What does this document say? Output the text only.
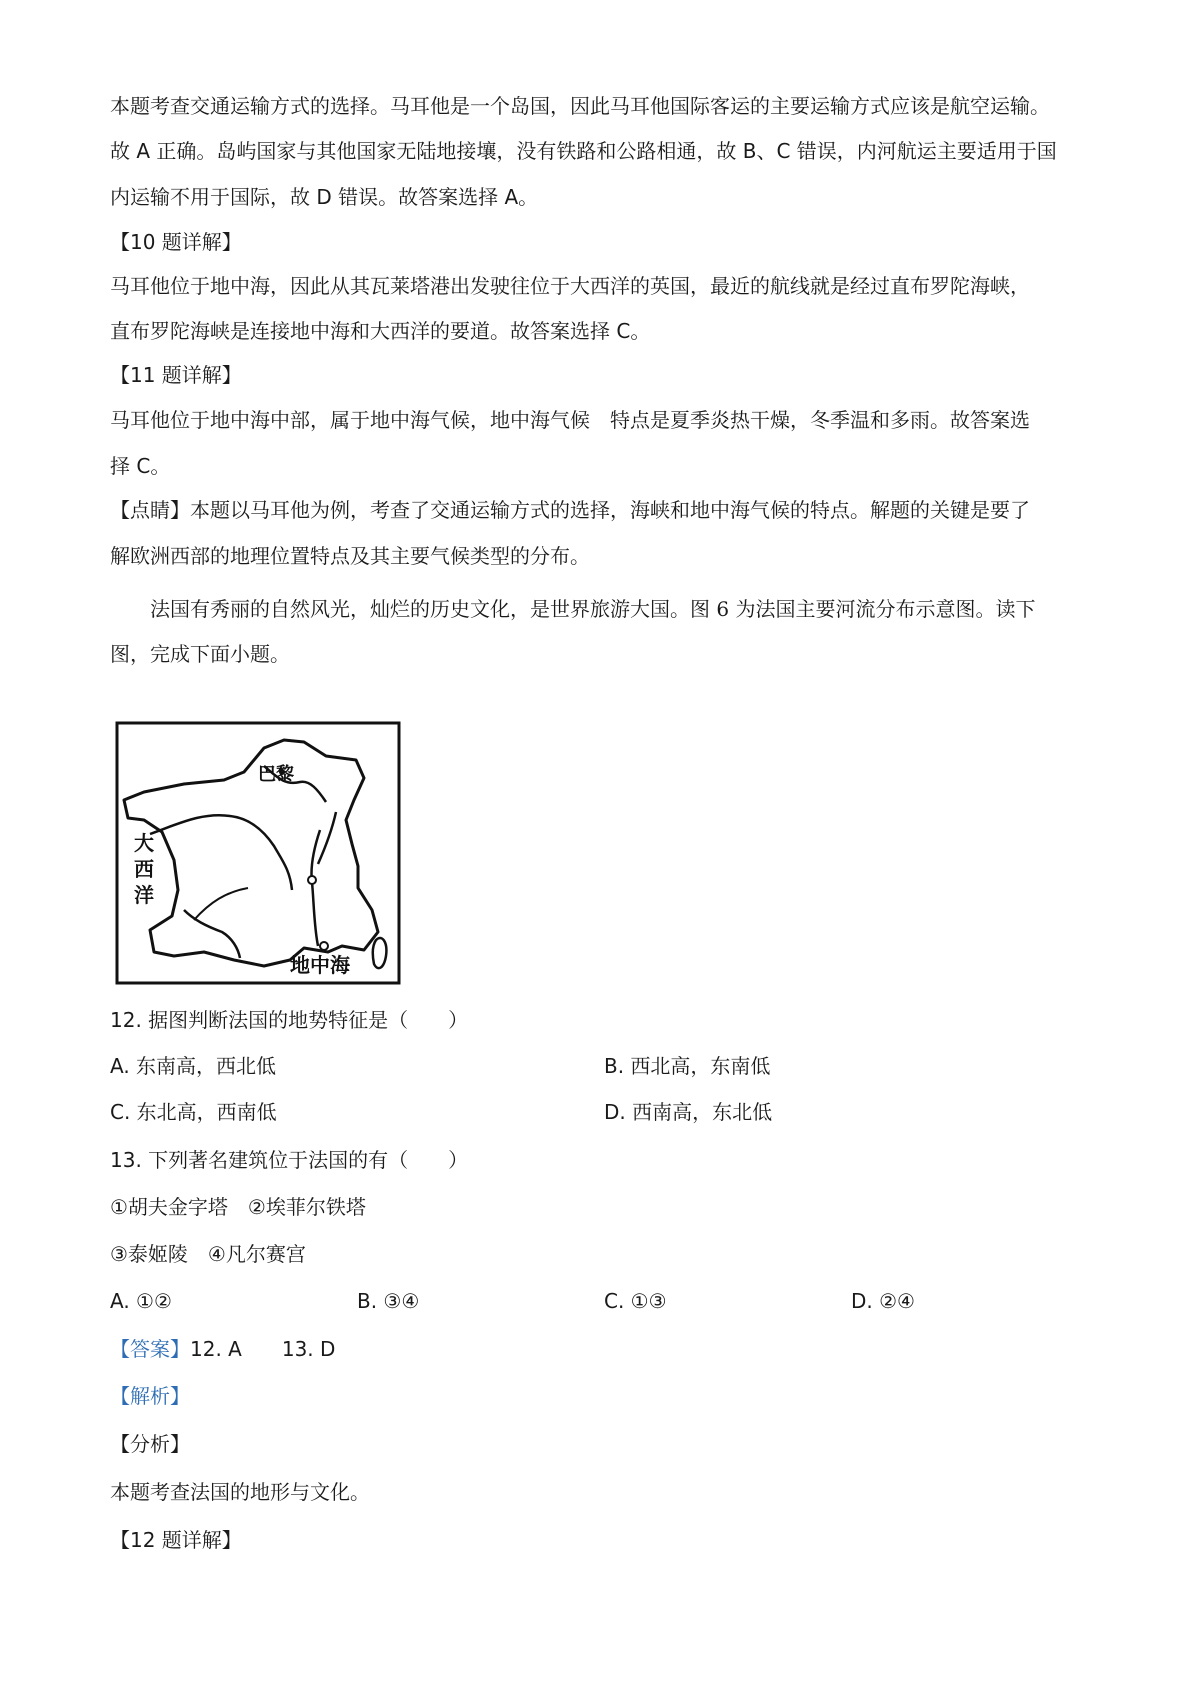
本题考查交通运输方式的选择。马耳他是一个岛国，因此马耳他国际客运的主要运输方式应该是航空运输。
故 A 正确。岛屿国家与其他国家无陆地接壤，没有铁路和公路相通，故 B、C 错误，内河航运主要适用于国
内运输不用于国际，故 D 错误。故答案选择 A。
【10 题详解】
马耳他位于地中海，因此从其瓦莱塔港出发驶往位于大西洋的英国，最近的航线就是经过直布罗陀海峡，
直布罗陀海峡是连接地中海和大西洋的要道。故答案选择 C。
【11 题详解】
马耳他位于地中海中部，属于地中海气候，地中海气候　特点是夏季炎热干燥，冬季温和多雨。故答案选
择 C。
【点睛】本题以马耳他为例，考查了交通运输方式的选择，海峡和地中海气候的特点。解题的关键是要了
解欧洲西部的地理位置特点及其主要气候类型的分布。
法国有秀丽的自然风光，灿烂的历史文化，是世界旅游大国。图 6 为法国主要河流分布示意图。读下
图，完成下面小题。
巴黎
大
西
洋
地中海
12. 据图判断法国的地势特征是（　　）
A. 东南高，西北低	B. 西北高，东南低
C. 东北高，西南低	D. 西南高，东北低
13. 下列著名建筑位于法国的有（　　）
①胡夫金字塔　②埃菲尔铁塔
③泰姬陵　④凡尔赛宫
A. ①②	B. ③④	C. ①③	D. ②④
【答案】12. A　　13. D
【解析】
【分析】
本题考查法国的地形与文化。
【12 题详解】
